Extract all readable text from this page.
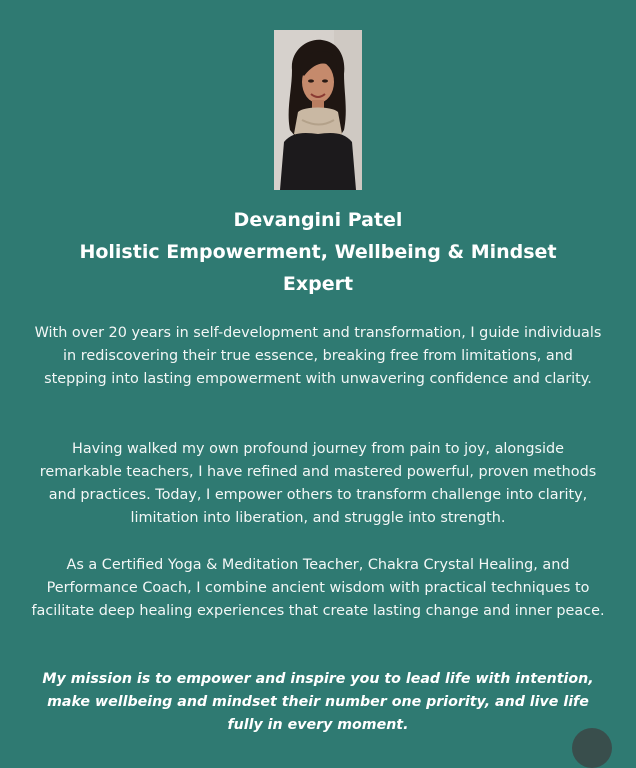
Devangini Patel
Holistic Empowerment, Wellbeing & Mindset
Expert

With over 20 years in self-development and transformation, I guide individuals in rediscovering their true essence, breaking free from limitations, and stepping into lasting empowerment with unwavering confidence and clarity.

Having walked my own profound journey from pain to joy, alongside remarkable teachers, I have refined and mastered powerful, proven methods and practices. Today, I empower others to transform challenge into clarity, limitation into liberation, and struggle into strength.

As a Certified Yoga & Meditation Teacher, Chakra Crystal Healing, and Performance Coach, I combine ancient wisdom with practical techniques to facilitate deep healing experiences that create lasting change and inner peace.

My mission is to empower and inspire you to lead life with intention, make wellbeing and mindset their number one priority, and live life fully in every moment.
